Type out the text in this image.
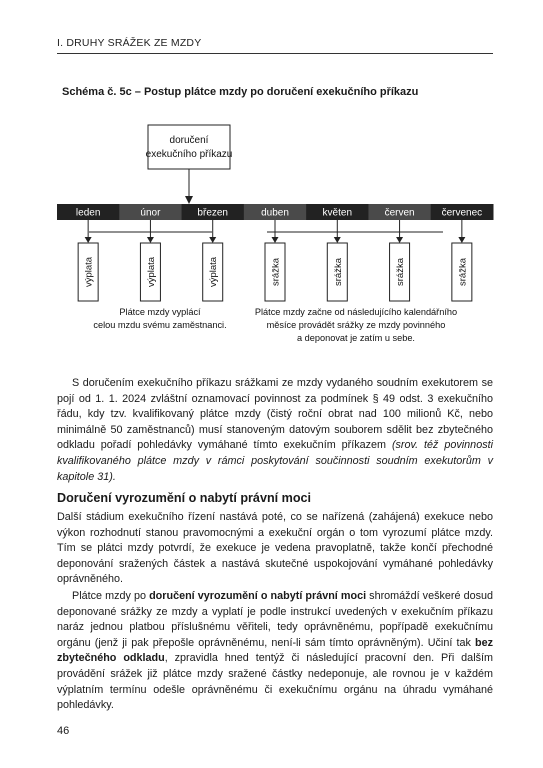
I. DRUHY SRÁŽEK ZE MZDY
Schéma č. 5c – Postup plátce mzdy po doručení exekučního příkazu
doručení
exekučního příkazu
leden	únor	březen	duben	květen	červen	červenec
výplata	výplata	výplata	srážka	srážka	srážka	srážka
Plátce mzdy vyplácí
celou mzdu svému zaměstnanci.
Plátce mzdy začne od následujícího kalendářního
měsíce provádět srážky ze mzdy povinného
a deponovat je zatím u sebe.
S doručením exekučního příkazu srážkami ze mzdy vydaného soudním exekutorem se pojí od 1. 1. 2024 zvláštní oznamovací povinnost za podmínek § 49 odst. 3 exekučního řádu, kdy tzv. kvalifikovaný plátce mzdy (čistý roční obrat nad 100 milionů Kč, nebo minimálně 50 zaměstnanců) musí stanoveným datovým souborem sdělit bez zbytečného odkladu pořadí pohledávky vymáhané tímto exekučním příkazem (srov. též povinnosti kvalifikovaného plátce mzdy v rámci poskytování součinnosti soudním exekutorům v kapitole 31).
Doručení vyrozumění o nabytí právní moci
Další stádium exekučního řízení nastává poté, co se nařízená (zahájená) exekuce nebo výkon rozhodnutí stanou pravomocnými a exekuční orgán o tom vyrozumí plátce mzdy. Tím se plátci mzdy potvrdí, že exekuce je vedena pravoplatně, takže končí přechodné deponování sražených částek a nastává skutečné uspokojování vymáhané pohledávky oprávněného.
Plátce mzdy po doručení vyrozumění o nabytí právní moci shromáždí veškeré dosud deponované srážky ze mzdy a vyplatí je podle instrukcí uvedených v exekučním příkazu naráz jednou platbou příslušnému věřiteli, tedy oprávněnému, popřípadě exekučnímu orgánu (jenž ji pak přepošle oprávněnému, není-li sám tímto oprávněným). Učiní tak bez zbytečného odkladu, zpravidla hned tentýž či následující pracovní den. Při dalším provádění srážek již plátce mzdy sražené částky nedeponuje, ale rovnou je v každém výplatním termínu odešle oprávněnému či exekučnímu orgánu na úhradu vymáhané pohledávky.
46
